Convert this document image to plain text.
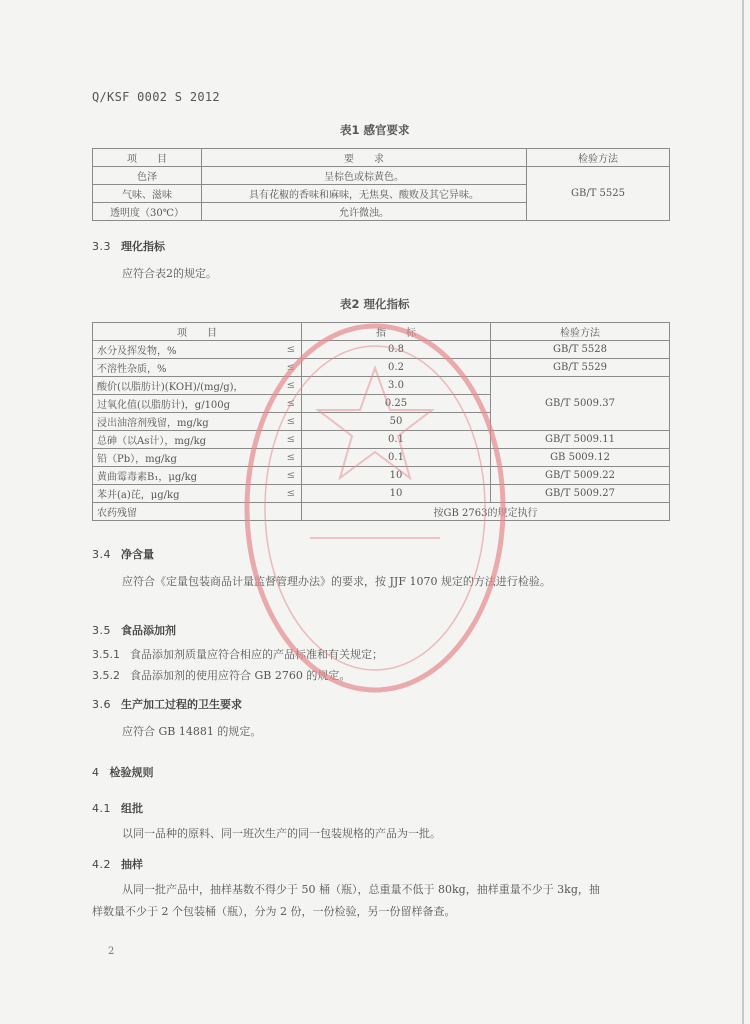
Q/KSF 0002 S 2012
表1 感官要求
项　　目	要　　求	检验方法
色泽	呈棕色或棕黄色。	GB/T 5525
气味、滋味	具有花椒的香味和麻味，无焦臭、酸败及其它异味。	
透明度（30℃）	允许微浊。	
3.3 理化指标
应符合表2的规定。
表2 理化指标
项　　目		指　　标	检验方法
水分及挥发物，%	≤	0.8	GB/T 5528
不溶性杂质，%	≤	0.2	GB/T 5529
酸价(以脂肪计)(KOH)/(mg/g)，	≤	3.0	GB/T 5009.37
过氧化值(以脂肪计)，g/100g	≤	0.25	
浸出油溶剂残留，mg/kg	≤	50	
总砷（以As计），mg/kg	≤	0.1	GB/T 5009.11
铅（Pb），mg/kg	≤	0.1	GB 5009.12
黄曲霉毒素B₁，μg/kg	≤	10	GB/T 5009.22
苯并(a)芘，μg/kg	≤	10	GB/T 5009.27
农药残留		按GB 2763的规定执行	
3.4 净含量
应符合《定量包装商品计量监督管理办法》的要求，按 JJF 1070 规定的方法进行检验。
3.5 食品添加剂
3.5.1 食品添加剂质量应符合相应的产品标准和有关规定；
3.5.2 食品添加剂的使用应符合 GB 2760 的规定。
3.6 生产加工过程的卫生要求
应符合 GB 14881 的规定。
4 检验规则
4.1 组批
以同一品种的原料、同一班次生产的同一包装规格的产品为一批。
4.2 抽样
从同一批产品中，抽样基数不得少于 50 桶（瓶），总重量不低于 80kg，抽样重量不少于 3kg，抽
样数量不少于 2 个包装桶（瓶），分为 2 份，一份检验，另一份留样备查。
2
